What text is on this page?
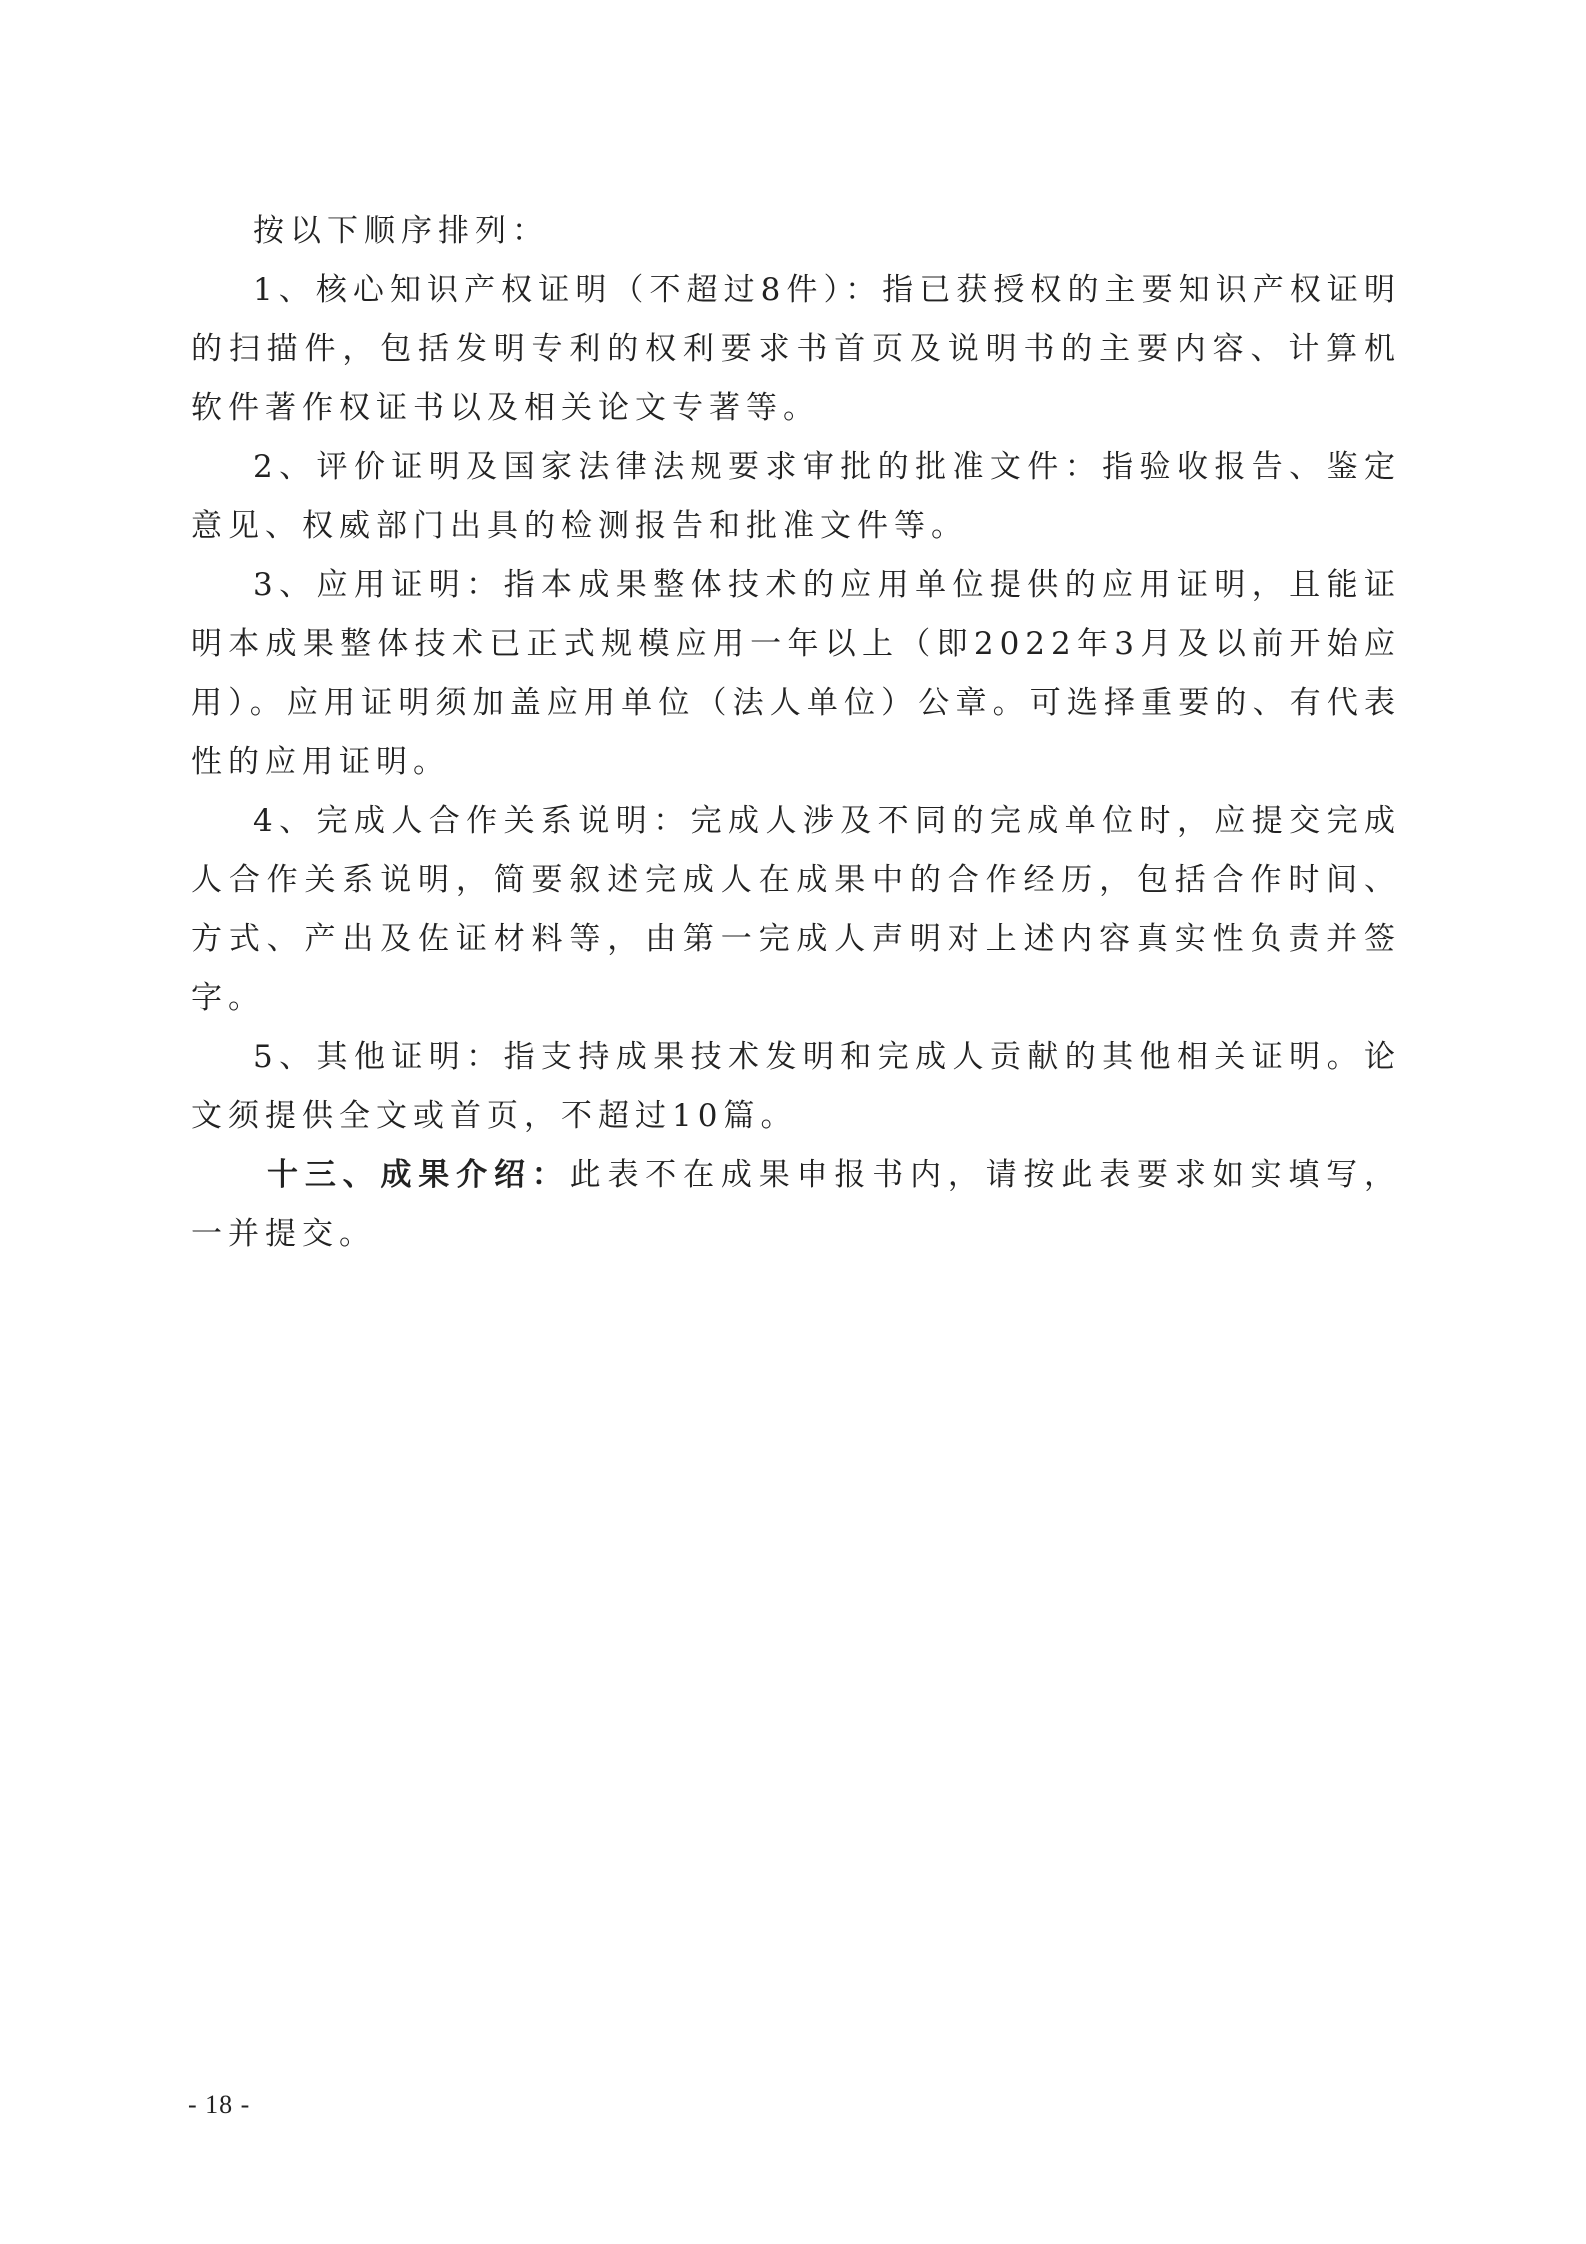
按以下顺序排列：

1、核心知识产权证明（不超过8件）：指已获授权的主要知识产权证明的扫描件，包括发明专利的权利要求书首页及说明书的主要内容、计算机软件著作权证书以及相关论文专著等。

2、评价证明及国家法律法规要求审批的批准文件：指验收报告、鉴定意见、权威部门出具的检测报告和批准文件等。

3、应用证明：指本成果整体技术的应用单位提供的应用证明，且能证明本成果整体技术已正式规模应用一年以上（即2022年3月及以前开始应用）。应用证明须加盖应用单位（法人单位）公章。可选择重要的、有代表性的应用证明。

4、完成人合作关系说明：完成人涉及不同的完成单位时，应提交完成人合作关系说明，简要叙述完成人在成果中的合作经历，包括合作时间、方式、产出及佐证材料等，由第一完成人声明对上述内容真实性负责并签字。

5、其他证明：指支持成果技术发明和完成人贡献的其他相关证明。论文须提供全文或首页，不超过10篇。

十三、成果介绍：此表不在成果申报书内，请按此表要求如实填写，一并提交。

- 18 -
